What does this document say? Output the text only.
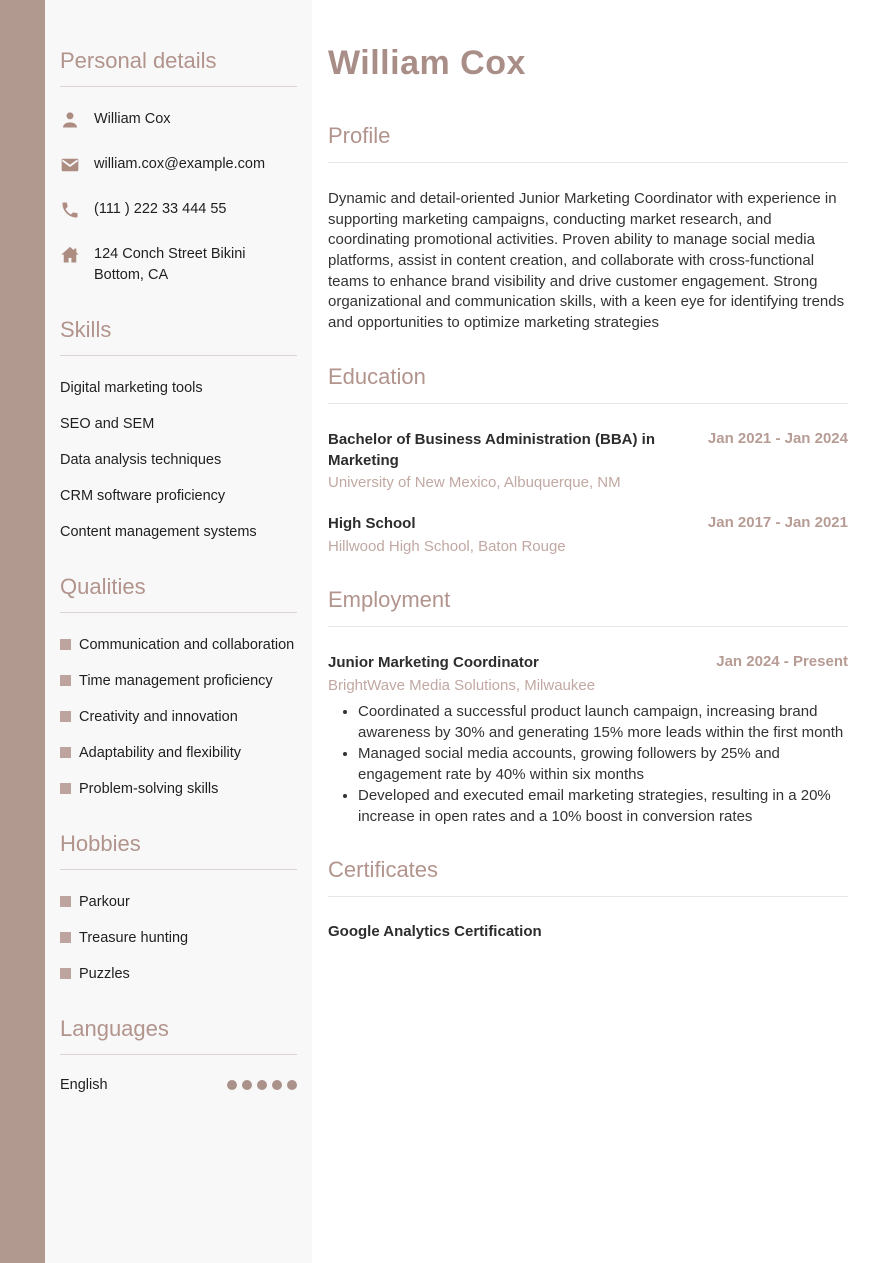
Personal details
William Cox
william.cox@example.com
(111 ) 222 33 444 55
124 Conch Street Bikini Bottom, CA
Skills
Digital marketing tools
SEO and SEM
Data analysis techniques
CRM software proficiency
Content management systems
Qualities
Communication and collaboration
Time management proficiency
Creativity and innovation
Adaptability and flexibility
Problem-solving skills
Hobbies
Parkour
Treasure hunting
Puzzles
Languages
English
William Cox
Profile

Dynamic and detail-oriented Junior Marketing Coordinator with experience in supporting marketing campaigns, conducting market research, and coordinating promotional activities. Proven ability to manage social media platforms, assist in content creation, and collaborate with cross-functional teams to enhance brand visibility and drive customer engagement. Strong organizational and communication skills, with a keen eye for identifying trends and opportunities to optimize marketing strategies

Education
Bachelor of Business Administration (BBA) in Marketing
Jan 2021 - Jan 2024
University of New Mexico, Albuquerque, NM
High School	Jan 2017 - Jan 2021
Hillwood High School, Baton Rouge
Employment
Junior Marketing Coordinator	Jan 2024 - Present
BrightWave Media Solutions, Milwaukee
• Coordinated a successful product launch campaign, increasing brand awareness by 30% and generating 15% more leads within the first month
• Managed social media accounts, growing followers by 25% and engagement rate by 40% within six months
• Developed and executed email marketing strategies, resulting in a 20% increase in open rates and a 10% boost in conversion rates
Certificates

Google Analytics Certification
